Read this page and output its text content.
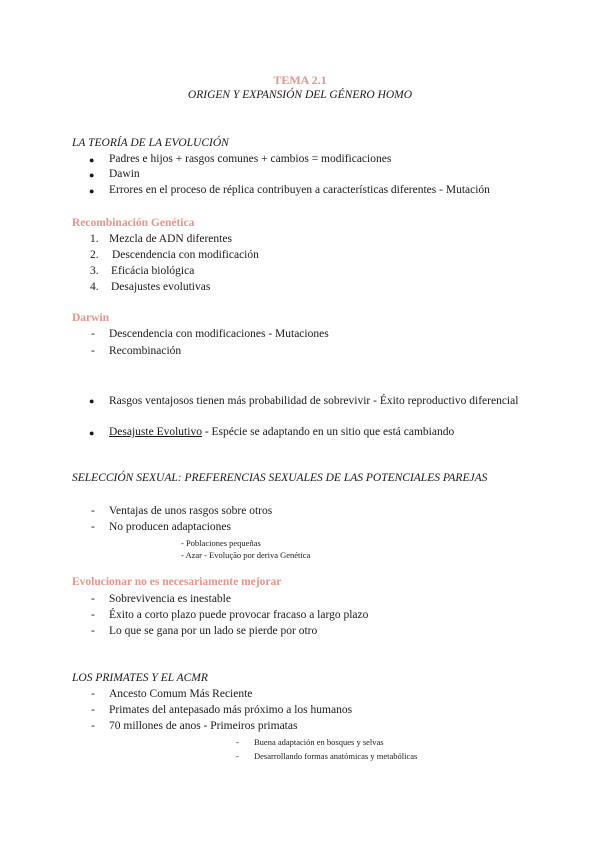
TEMA 2.1
ORIGEN Y EXPANSIÓN DEL GÉNERO HOMO
LA TEORÍA DE LA EVOLUCIÓN
● Padres e hijos + rasgos comunes + cambios = modificaciones
● Dawin
● Errores en el proceso de réplica contribuyen a características diferentes - Mutación
Recombinación Genética
1. Mezcla de ADN diferentes
2. Descendencia con modificación
3. Eficácia biológica
4. Desajustes evolutivas
Darwin
- Descendencia con modificaciones - Mutaciones
- Recombinación
● Rasgos ventajosos tienen más probabilidad de sobrevivir - Éxito reproductivo diferencial
● Desajuste Evolutivo - Espécie se adaptando en un sitio que está cambiando
SELECCIÓN SEXUAL: PREFERENCIAS SEXUALES DE LAS POTENCIALES PAREJAS
- Ventajas de unos rasgos sobre otros
- No producen adaptaciones
- Poblaciones pequeñas
- Azar - Evolução por deriva Genética
Evolucionar no es necesariamente mejorar
- Sobrevivencia es inestable
- Éxito a corto plazo puede provocar fracaso a largo plazo
- Lo que se gana por un lado se pierde por otro
LOS PRIMATES Y EL ACMR
- Ancesto Comum Más Reciente
- Primates del antepasado más próximo a los humanos
- 70 millones de anos - Primeiros primatas
- Buena adaptación en bosques y selvas
- Desarrollando formas anatómicas y metabólicas
